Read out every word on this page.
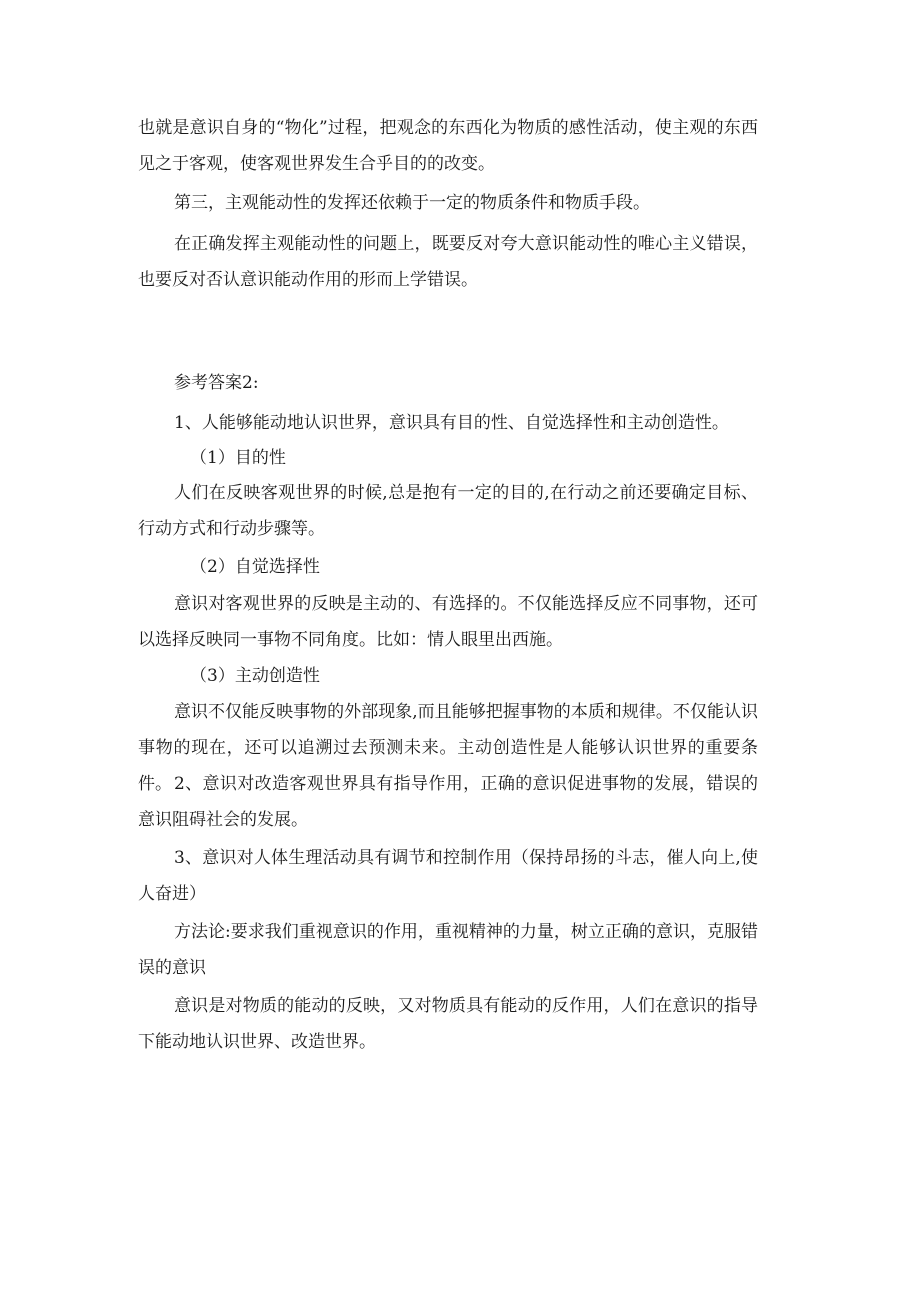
也就是意识自身的“物化”过程，把观念的东西化为物质的感性活动，使主观的东西见之于客观，使客观世界发生合乎目的的改变。

第三，主观能动性的发挥还依赖于一定的物质条件和物质手段。

在正确发挥主观能动性的问题上，既要反对夸大意识能动性的唯心主义错误，也要反对否认意识能动作用的形而上学错误。

参考答案2:

1、人能够能动地认识世界，意识具有目的性、自觉选择性和主动创造性。

（1）目的性

人们在反映客观世界的时候,总是抱有一定的目的,在行动之前还要确定目标、行动方式和行动步骤等。

（2）自觉选择性

意识对客观世界的反映是主动的、有选择的。不仅能选择反应不同事物，还可以选择反映同一事物不同角度。比如：情人眼里出西施。

（3）主动创造性

意识不仅能反映事物的外部现象,而且能够把握事物的本质和规律。不仅能认识事物的现在，还可以追溯过去预测未来。主动创造性是人能够认识世界的重要条件。 2、意识对改造客观世界具有指导作用，正确的意识促进事物的发展，错误的意识阻碍社会的发展。

3、意识对人体生理活动具有调节和控制作用（保持昂扬的斗志，催人向上,使人奋进）

方法论:要求我们重视意识的作用，重视精神的力量，树立正确的意识，克服错误的意识

意识是对物质的能动的反映，又对物质具有能动的反作用，人们在意识的指导下能动地认识世界、改造世界。
